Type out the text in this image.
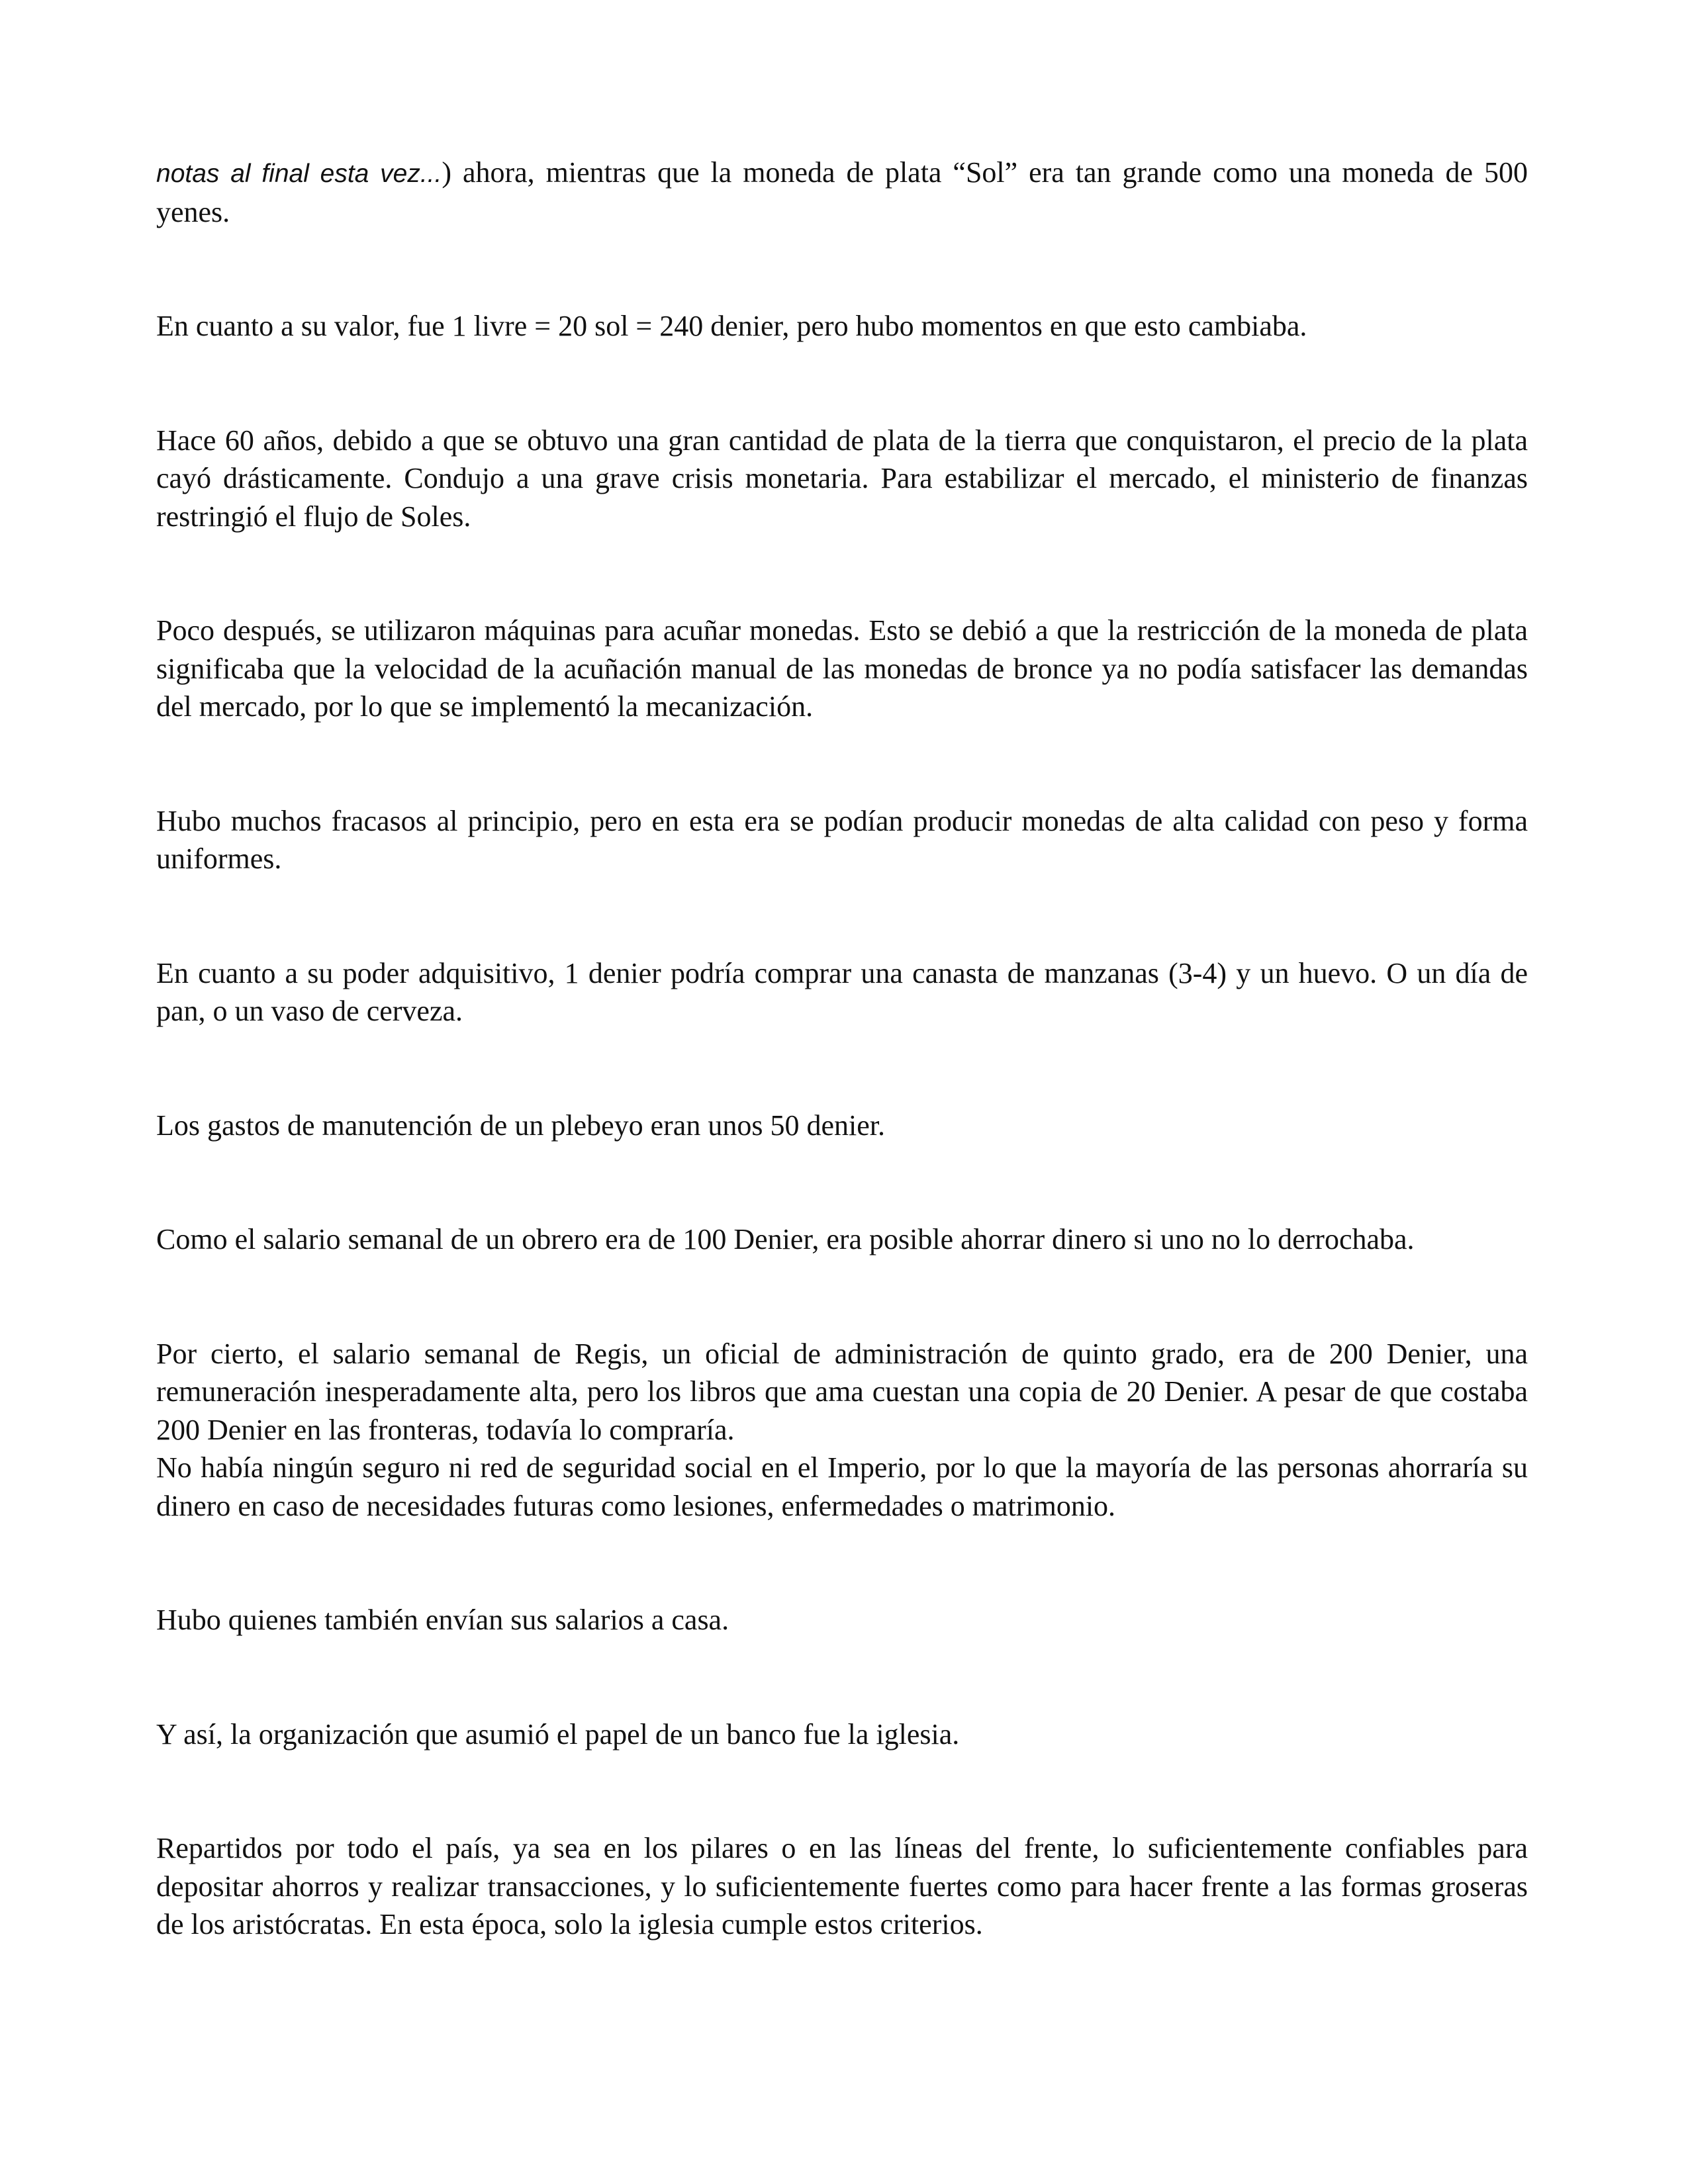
notas al final esta vez...) ahora, mientras que la moneda de plata “Sol” era tan grande como una moneda de 500 yenes.

En cuanto a su valor, fue 1 livre = 20 sol = 240 denier, pero hubo momentos en que esto cambiaba.

Hace 60 años, debido a que se obtuvo una gran cantidad de plata de la tierra que conquistaron, el precio de la plata cayó drásticamente. Condujo a una grave crisis monetaria. Para estabilizar el mercado, el ministerio de finanzas restringió el flujo de Soles.

Poco después, se utilizaron máquinas para acuñar monedas. Esto se debió a que la restricción de la moneda de plata significaba que la velocidad de la acuñación manual de las monedas de bronce ya no podía satisfacer las demandas del mercado, por lo que se implementó la mecanización.

Hubo muchos fracasos al principio, pero en esta era se podían producir monedas de alta calidad con peso y forma uniformes.

En cuanto a su poder adquisitivo, 1 denier podría comprar una canasta de manzanas (3-4) y un huevo. O un día de pan, o un vaso de cerveza.

Los gastos de manutención de un plebeyo eran unos 50 denier.

Como el salario semanal de un obrero era de 100 Denier, era posible ahorrar dinero si uno no lo derrochaba.

Por cierto, el salario semanal de Regis, un oficial de administración de quinto grado, era de 200 Denier, una remuneración inesperadamente alta, pero los libros que ama cuestan una copia de 20 Denier. A pesar de que costaba 200 Denier en las fronteras, todavía lo compraría.

No había ningún seguro ni red de seguridad social en el Imperio, por lo que la mayoría de las personas ahorraría su dinero en caso de necesidades futuras como lesiones, enfermedades o matrimonio.

Hubo quienes también envían sus salarios a casa.

Y así, la organización que asumió el papel de un banco fue la iglesia.

Repartidos por todo el país, ya sea en los pilares o en las líneas del frente, lo suficientemente confiables para depositar ahorros y realizar transacciones, y lo suficientemente fuertes como para hacer frente a las formas groseras de los aristócratas. En esta época, solo la iglesia cumple estos criterios.
